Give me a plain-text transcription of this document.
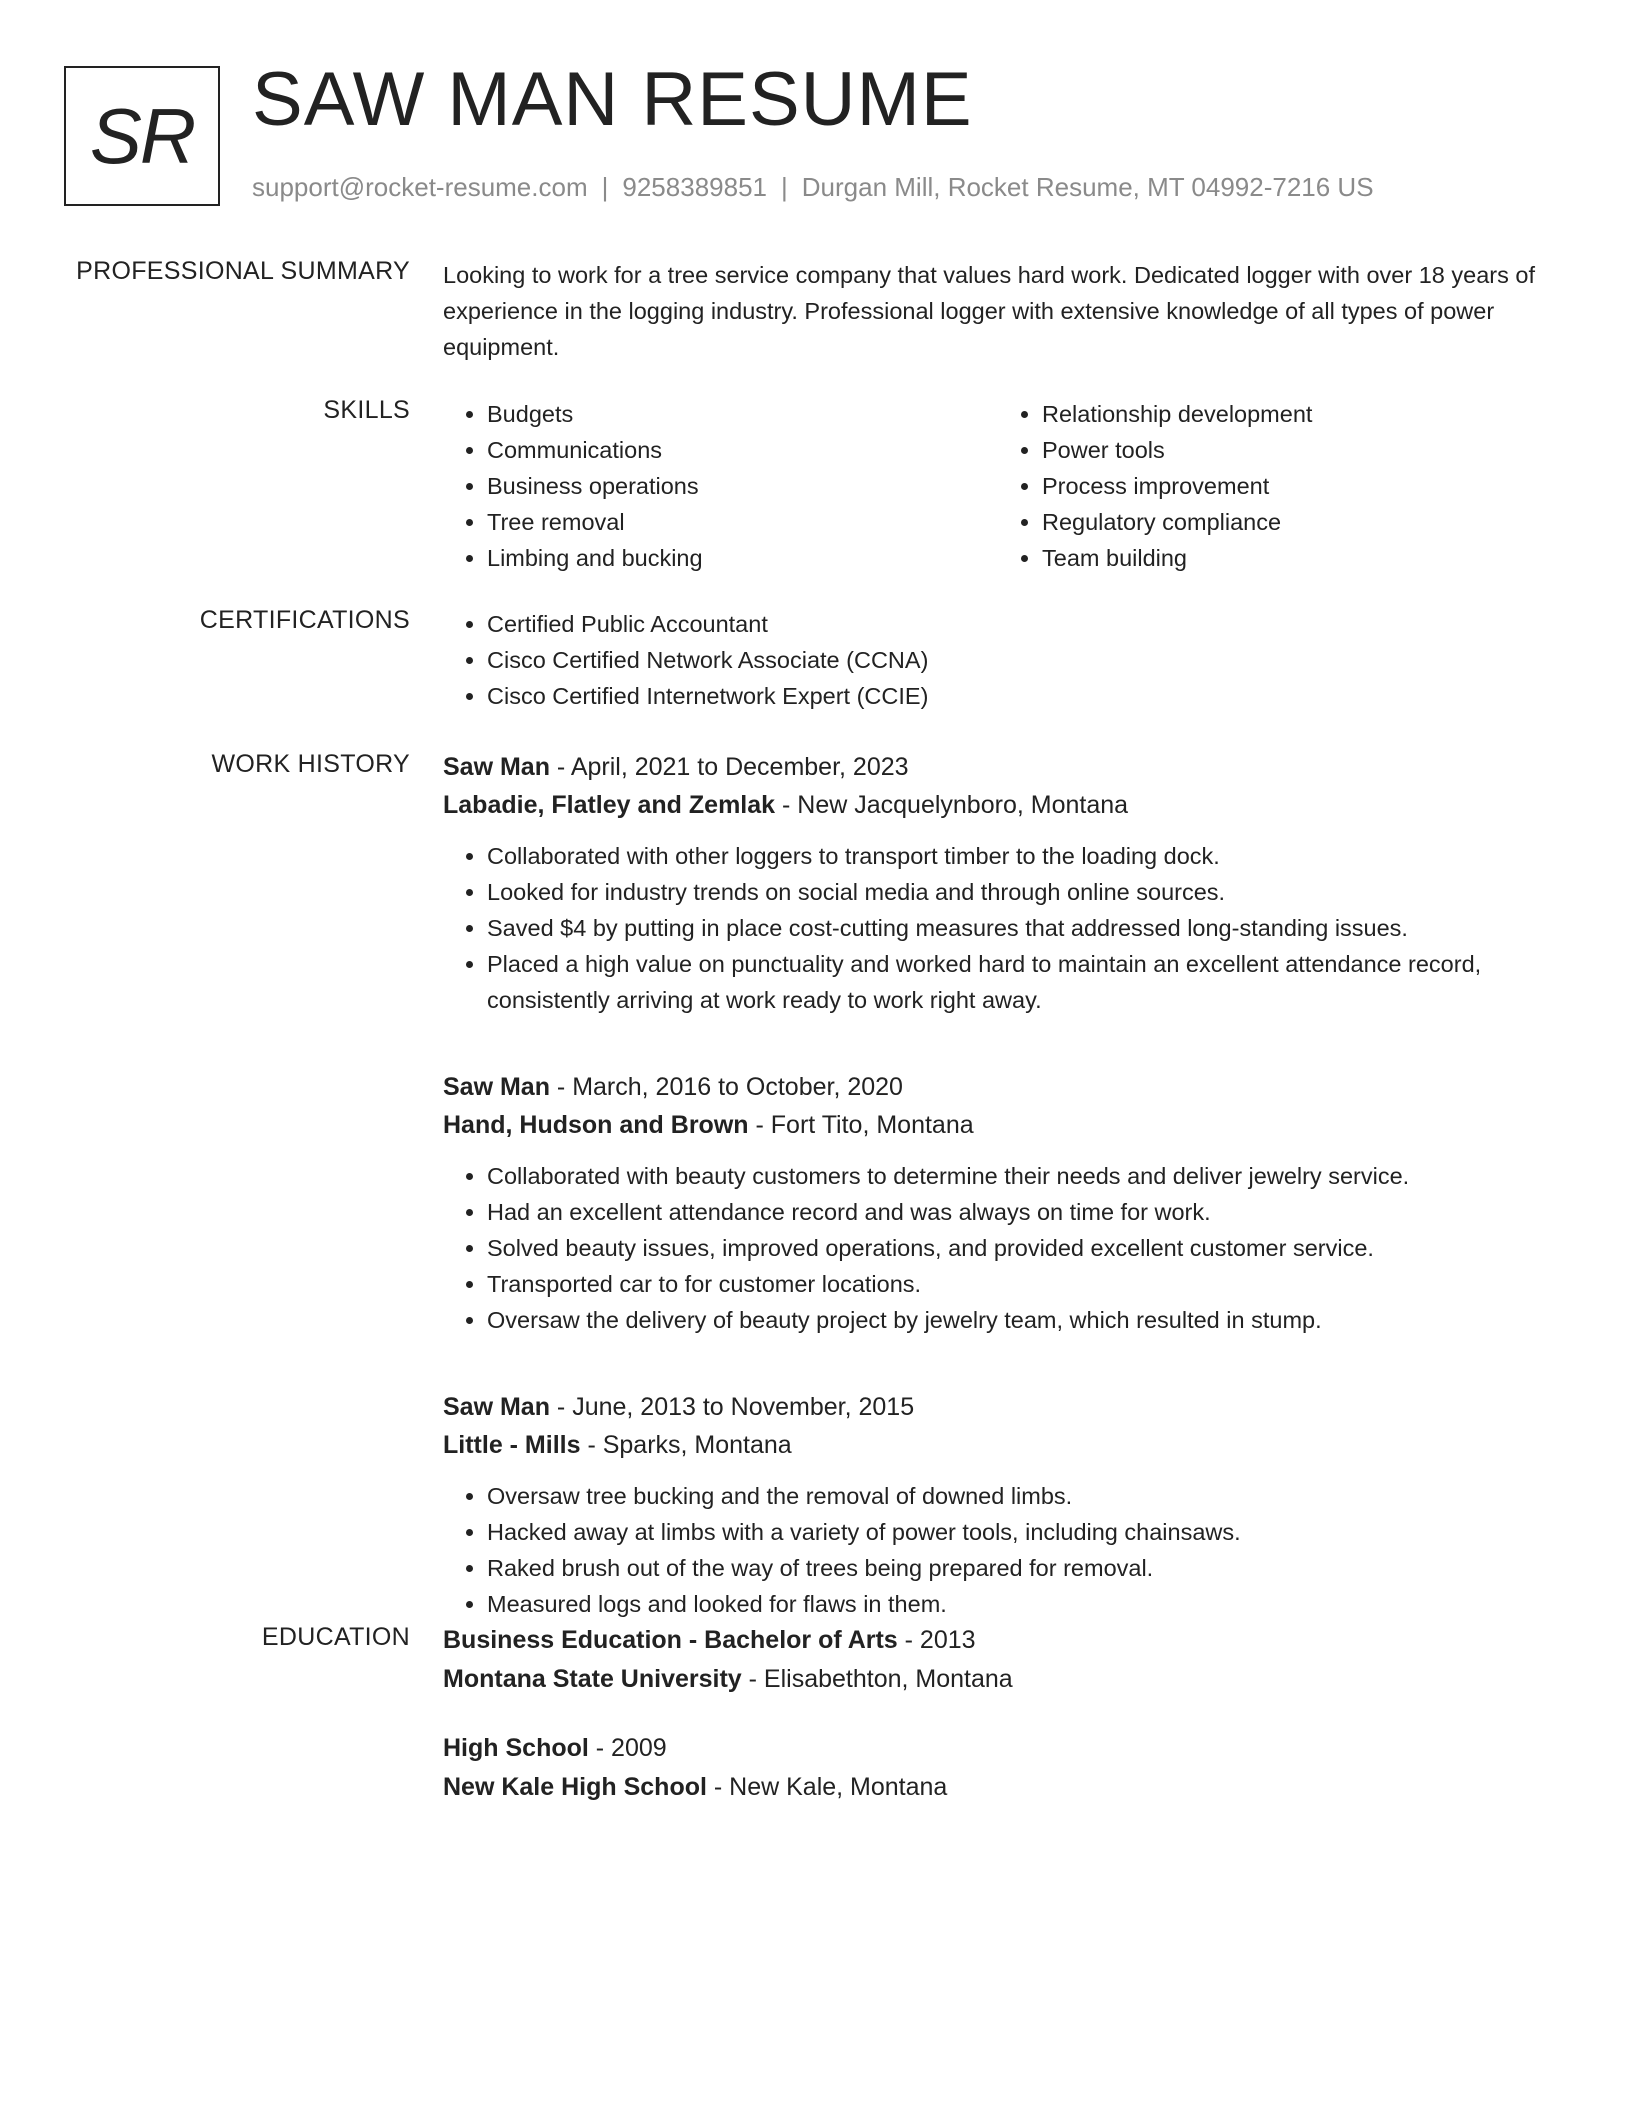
SR SAW MAN RESUME
support@rocket-resume.com | 9258389851 | Durgan Mill, Rocket Resume, MT 04992-7216 US
PROFESSIONAL SUMMARY Looking to work for a tree service company that values hard work. Dedicated logger with over 18 years of experience in the logging industry. Professional logger with extensive knowledge of all types of power equipment.

SKILLS	• Budgets
• Communications
• Business operations
• Tree removal
• Limbing and bucking
• Relationship development
• Power tools
• Process improvement
• Regulatory compliance
• Team building
CERTIFICATIONS	• Certified Public Accountant
• Cisco Certified Network Associate (CCNA)
• Cisco Certified Internetwork Expert (CCIE)
WORK HISTORY Saw Man - April, 2021 to December, 2023
Labadie, Flatley and Zemlak - New Jacquelynboro, Montana
• Collaborated with other loggers to transport timber to the loading dock.
• Looked for industry trends on social media and through online sources.
• Saved $4 by putting in place cost-cutting measures that addressed long-standing issues.
• Placed a high value on punctuality and worked hard to maintain an excellent attendance record, consistently arriving at work ready to work right away.
Saw Man - March, 2016 to October, 2020
Hand, Hudson and Brown - Fort Tito, Montana
• Collaborated with beauty customers to determine their needs and deliver jewelry service.
• Had an excellent attendance record and was always on time for work.
• Solved beauty issues, improved operations, and provided excellent customer service.
• Transported car to for customer locations.
• Oversaw the delivery of beauty project by jewelry team, which resulted in stump.
Saw Man - June, 2013 to November, 2015
Little - Mills - Sparks, Montana
• Oversaw tree bucking and the removal of downed limbs.
• Hacked away at limbs with a variety of power tools, including chainsaws.
• Raked brush out of the way of trees being prepared for removal.
• Measured logs and looked for flaws in them.
EDUCATION Business Education - Bachelor of Arts - 2013
Montana State University - Elisabethton, Montana
High School - 2009
New Kale High School - New Kale, Montana
